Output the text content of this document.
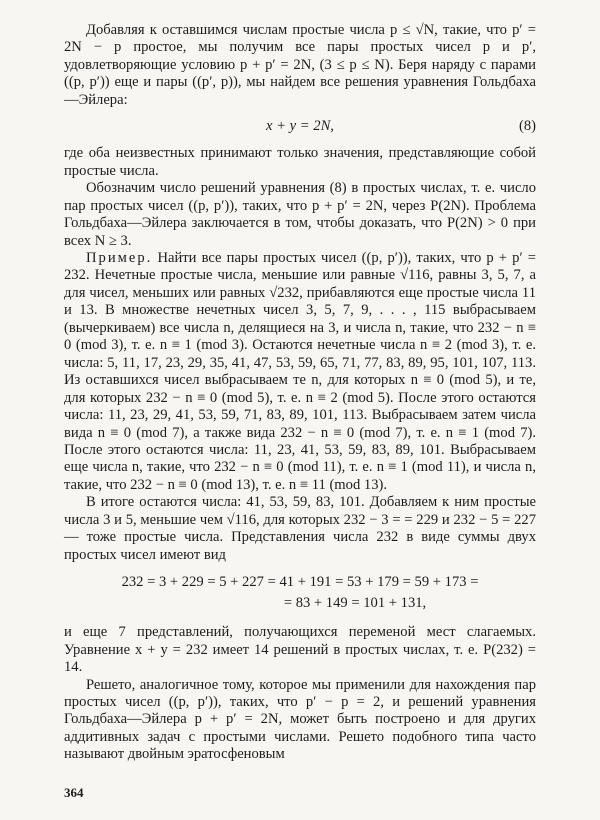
Добавляя к оставшимся числам простые числа p ≤ √N, такие, что p′ = 2N − p простое, мы получим все пары простых чисел p и p′, удовлетворяющие условию p + p′ = 2N, (3 ≤ p ≤ N). Беря наряду с парами ((p, p′)) еще и пары ((p′, p)), мы найдем все решения уравнения Гольдбаха—Эйлера:

x + y = 2N,	(8)

где оба неизвестных принимают только значения, представляющие собой простые числа.

Обозначим число решений уравнения (8) в простых числах, т. е. число пар простых чисел ((p, p′)), таких, что p + p′ = 2N, через P(2N). Проблема Гольдбаха—Эйлера заключается в том, чтобы доказать, что P(2N) > 0 при всех N ≥ 3.

Пример. Найти все пары простых чисел ((p, p′)), таких, что p + p′ = 232. Нечетные простые числа, меньшие или равные √116, равны 3, 5, 7, а для чисел, меньших или равных √232, прибавляются еще простые числа 11 и 13. В множестве нечетных чисел 3, 5, 7, 9, . . . , 115 выбрасываем (вычеркиваем) все числа n, делящиеся на 3, и числа n, такие, что 232 − n ≡ 0 (mod 3), т. е. n ≡ 1 (mod 3). Остаются нечетные числа n ≡ 2 (mod 3), т. е. числа: 5, 11, 17, 23, 29, 35, 41, 47, 53, 59, 65, 71, 77, 83, 89, 95, 101, 107, 113. Из оставшихся чисел выбрасываем те n, для которых n ≡ 0 (mod 5), и те, для которых 232 − n ≡ 0 (mod 5), т. е. n ≡ 2 (mod 5). После этого остаются числа: 11, 23, 29, 41, 53, 59, 71, 83, 89, 101, 113. Выбрасываем затем числа вида n ≡ 0 (mod 7), а также вида 232 − n ≡ 0 (mod 7), т. е. n ≡ 1 (mod 7). После этого остаются числа: 11, 23, 41, 53, 59, 83, 89, 101. Выбрасываем еще числа n, такие, что 232 − n ≡ 0 (mod 11), т. е. n ≡ 1 (mod 11), и числа n, такие, что 232 − n ≡ 0 (mod 13), т. е. n ≡ 11 (mod 13).

В итоге остаются числа: 41, 53, 59, 83, 101. Добавляем к ним простые числа 3 и 5, меньшие чем √116, для которых 232 − 3 = = 229 и 232 − 5 = 227 — тоже простые числа. Представления числа 232 в виде суммы двух простых чисел имеют вид

232 = 3 + 229 = 5 + 227 = 41 + 191 = 53 + 179 = 59 + 173 =
= 83 + 149 = 101 + 131,

и еще 7 представлений, получающихся переменой мест слагаемых. Уравнение x + y = 232 имеет 14 решений в простых числах, т. е. P(232) = 14.

Решето, аналогичное тому, которое мы применили для нахождения пар простых чисел ((p, p′)), таких, что p′ − p = 2, и решений уравнения Гольдбаха—Эйлера p + p′ = 2N, может быть построено и для других аддитивных задач с простыми числами. Решето подобного типа часто называют двойным эратосфеновым

364
